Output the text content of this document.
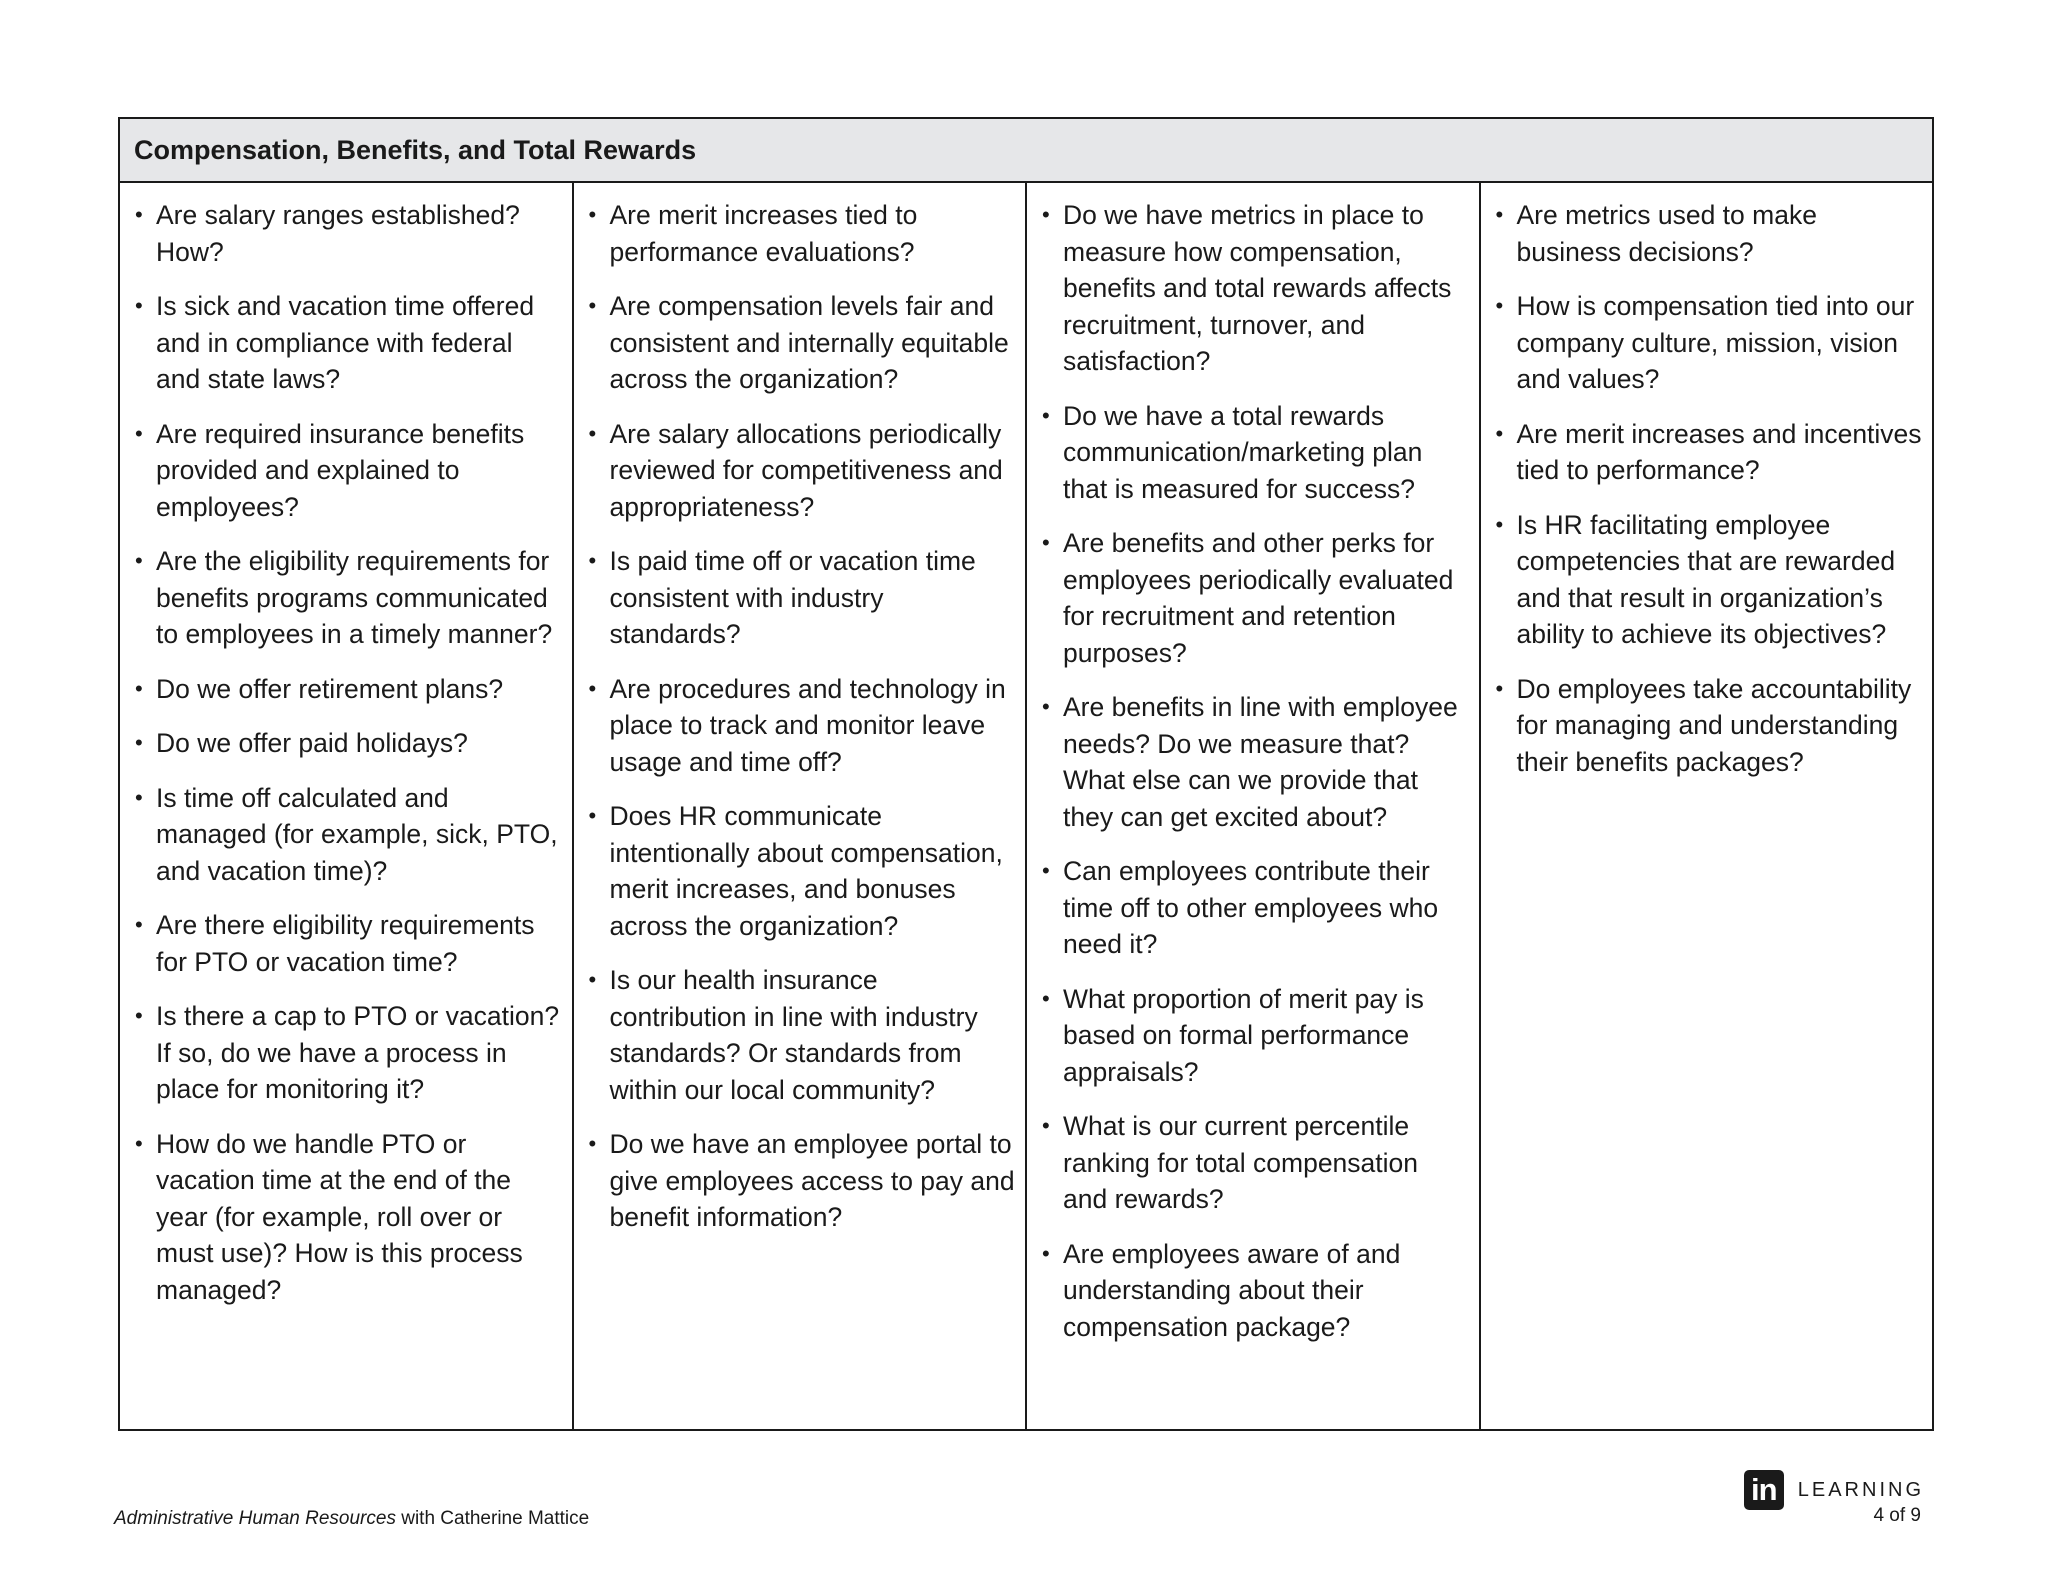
Compensation, Benefits, and Total Rewards
• Are salary ranges established? How?
• Is sick and vacation time offered and in compliance with federal and state laws?
• Are required insurance benefits provided and explained to employees?
• Are the eligibility requirements for benefits programs communicated to employees in a timely manner?
• Do we offer retirement plans?
• Do we offer paid holidays?
• Is time off calculated and managed (for example, sick, PTO, and vacation time)?
• Are there eligibility requirements for PTO or vacation time?
• Is there a cap to PTO or vacation? If so, do we have a process in place for monitoring it?
• How do we handle PTO or vacation time at the end of the year (for example, roll over or must use)? How is this process managed?
• Are merit increases tied to performance evaluations?
• Are compensation levels fair and consistent and internally equitable across the organization?
• Are salary allocations periodically reviewed for competitiveness and appropriateness?
• Is paid time off or vacation time consistent with industry standards?
• Are procedures and technology in place to track and monitor leave usage and time off?
• Does HR communicate intentionally about compensation, merit increases, and bonuses across the organization?
• Is our health insurance contribution in line with industry standards? Or standards from within our local community?
• Do we have an employee portal to give employees access to pay and benefit information?
• Do we have metrics in place to measure how compensation, benefits and total rewards affects recruitment, turnover, and satisfaction?
• Do we have a total rewards communication/marketing plan that is measured for success?
• Are benefits and other perks for employees periodically evaluated for recruitment and retention purposes?
• Are benefits in line with employee needs? Do we measure that? What else can we provide that they can get excited about?
• Can employees contribute their time off to other employees who need it?
• What proportion of merit pay is based on formal performance appraisals?
• What is our current percentile ranking for total compensation and rewards?
• Are employees aware of and understanding about their compensation package?
• Are metrics used to make business decisions?
• How is compensation tied into our company culture, mission, vision and values?
• Are merit increases and incentives tied to performance?
• Is HR facilitating employee competencies that are rewarded and that result in organization’s ability to achieve its objectives?
• Do employees take accountability for managing and understanding their benefits packages?
Administrative Human Resources with Catherine Mattice
in	LEARNING
4 of 9
